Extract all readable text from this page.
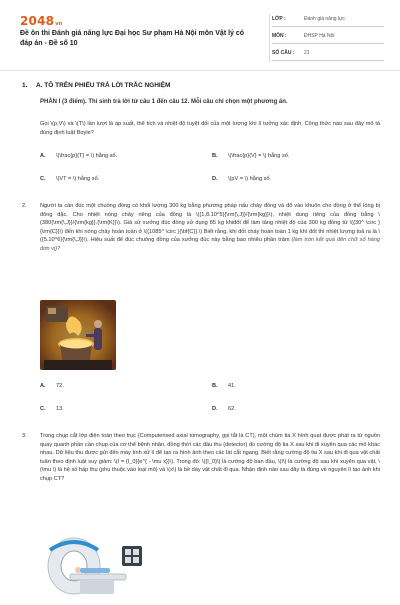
2048vn
Đề ôn thi Đánh giá năng lực Đại học Sư phạm Hà Nội môn Vật lý có đáp án - Đề số 10
LỚP :	Đánh giá năng lực
MÔN :	ĐHSP Hà Nội
SỐ CÂU : 21
1. A. TÔ TRÊN PHIẾU TRẢ LỜI TRẮC NGHIỆM
PHẦN I (3 điểm). Thí sinh trả lời từ câu 1 đến câu 12. Mỗi câu chỉ chọn một phương án.
Gọi \(p,V\) và \(T\) lần lượt là áp suất, thể tích và nhiệt độ tuyệt đối của một lượng khí lí tưởng xác định. Công thức nào sau đây mô tả đúng định luật Boyle?
A. \(\frac{p}{T} = \) hằng số.	B. \(\frac{p}{V} = \) hằng số.
C. \(VT = \) hằng số.	D. \(pV = \) hằng số.
2. Người ta cần đúc một chuông đồng có khối lượng 300 kg bằng phương pháp nấu chảy đồng và đổ vào khuôn cho đồng ở thể lỏng bị đông đặc. Cho nhiệt nóng chảy riêng của đồng là \({1,8.10^5}{\rm{\,J}}/{\rm{kg}}\), nhiệt dung riêng của đồng bằng \(380{\rm{\,J}}/{\rm{kg}}.{\rm{K}}\). Giả sử xưởng đúc đồng sử dụng 85 kg khiđốt để làm tăng nhiệt độ của 300 kg đồng từ \({30^ \circ }{\rm{C}}\) đến khi nóng chảy hoàn toàn ở \({1085^ \circ }{\bf{C}}.\) Biết rằng, khi đốt cháy hoàn toàn 1 kg khí đốt thì nhiệt lượng toả ra là \({5.10^6}{\rm{\,J}}\). Hiệu suất để đúc chuông đồng của xưởng đúc này bằng bao nhiêu phần trăm (làm tròn kết quả đến chữ số hàng đơn vị)?
A. 72.	B. 41.
C. 13.	D. 62.
3. Trong chụp cắt lớp điện toán theo trục (Computerised axial tomography, gọi tắt là CT), một chùm tia X hình quạt được phát ra từ nguồn quay quanh phần cần chụp của cơ thể bệnh nhân, đồng thời các đầu thu (detector) đo cường độ tia X sau khi đi xuyên qua các mô khác nhau. Dữ liệu thu được gửi đến máy tính xử lí để tạo ra hình ảnh theo các lát cắt ngang. Biết rằng cường độ tia X sau khi đi qua vật chất tuân theo định luật suy giảm: \(I = {I_0}{e^{ - \mu x}}\). Trong đó: \({I_0}\) là cường độ ban đầu, \(I\) là cường độ sau khi xuyên qua vật, \(\mu \) là hệ số hấp thụ (phụ thuộc vào loại mô) và \(x\) là bề dày vật chất đi qua. Nhận định nào sau đây là đúng về nguyên lí tạo ảnh khi chụp CT?
